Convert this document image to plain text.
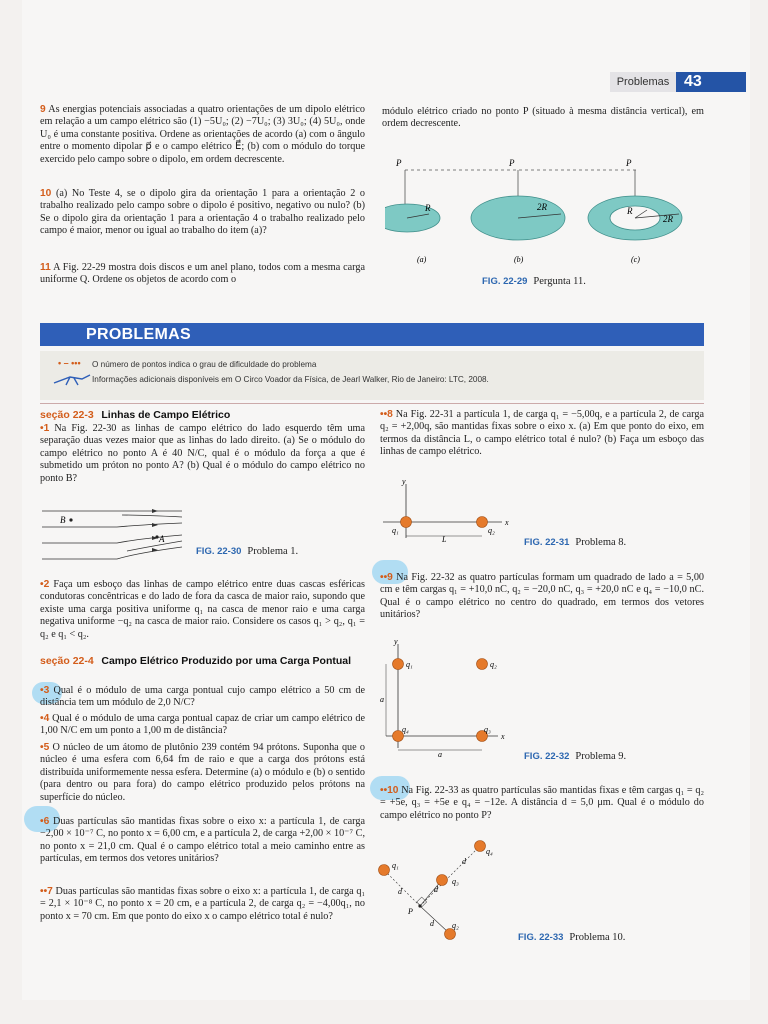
Problemas 43
9 As energias potenciais associadas a quatro orientações de um dipolo elétrico em relação a um campo elétrico são (1) −5U₀; (2) −7U₀; (3) 3U₀; (4) 5U₀, onde U₀ é uma constante positiva. Ordene as orientações de acordo (a) com o ângulo entre o momento dipolar p⃗ e o campo elétrico E⃗; (b) com o módulo do torque exercido pelo campo sobre o dipolo, em ordem decrescente.
10 (a) No Teste 4, se o dipolo gira da orientação 1 para a orientação 2 o trabalho realizado pelo campo sobre o dipolo é positivo, negativo ou nulo? (b) Se o dipolo gira da orientação 1 para a orientação 4 o trabalho realizado pelo campo é maior, menor ou igual ao trabalho do item (a)?
11 A Fig. 22-29 mostra dois discos e um anel plano, todos com a mesma carga uniforme Q. Ordene os objetos de acordo com o
módulo elétrico criado no ponto P (situado à mesma distância vertical), em ordem decrescente.
P	P	P
R	2R	R
2R
(a)	(b)	(c)
FIG. 22-29 Pergunta 11.
PROBLEMAS
• – ••• O número de pontos indica o grau de dificuldade do problema
Informações adicionais disponíveis em O Circo Voador da Física, de Jearl Walker, Rio de Janeiro: LTC, 2008.
seção 22-3 Linhas de Campo Elétrico
•1 Na Fig. 22-30 as linhas de campo elétrico do lado esquerdo têm uma separação duas vezes maior que as linhas do lado direito. (a) Se o módulo do campo elétrico no ponto A é 40 N/C, qual é o módulo da força a que é submetido um próton no ponto A? (b) Qual é o módulo do campo elétrico no ponto B?
B
A
FIG. 22-30 Problema 1.
•2 Faça um esboço das linhas de campo elétrico entre duas cascas esféricas condutoras concêntricas e do lado de fora da casca de maior raio, supondo que existe uma carga positiva uniforme q₁ na casca de menor raio e uma carga negativa uniforme −q₂ na casca de maior raio. Considere os casos q₁ > q₂, q₁ = q₂ e q₁ < q₂.
seção 22-4 Campo Elétrico Produzido por uma Carga Pontual
•3 Qual é o módulo de uma carga pontual cujo campo elétrico a 50 cm de distância tem um módulo de 2,0 N/C?
•4 Qual é o módulo de uma carga pontual capaz de criar um campo elétrico de 1,00 N/C em um ponto a 1,00 m de distância?
•5 O núcleo de um átomo de plutônio 239 contém 94 prótons. Suponha que o núcleo é uma esfera com 6,64 fm de raio e que a carga dos prótons está distribuída uniformemente nessa esfera. Determine (a) o módulo e (b) o sentido (para dentro ou para fora) do campo elétrico produzido pelos prótons na superfície do núcleo.
•6 Duas partículas são mantidas fixas sobre o eixo x: a partícula 1, de carga −2,00 × 10⁻⁷ C, no ponto x = 6,00 cm, e a partícula 2, de carga +2,00 × 10⁻⁷ C, no ponto x = 21,0 cm. Qual é o campo elétrico total a meio caminho entre as partículas, em termos dos vetores unitários?
••7 Duas partículas são mantidas fixas sobre o eixo x: a partícula 1, de carga q₁ = 2,1 × 10⁻⁸ C, no ponto x = 20 cm, e a partícula 2, de carga q₂ = −4,00q₁, no ponto x = 70 cm. Em que ponto do eixo x o campo elétrico total é nulo?
••8 Na Fig. 22-31 a partícula 1, de carga q₁ = −5,00q, e a partícula 2, de carga q₂ = +2,00q, são mantidas fixas sobre o eixo x. (a) Em que ponto do eixo, em termos da distância L, o campo elétrico total é nulo? (b) Faça um esboço das linhas de campo elétrico.
y
x
q₁	q₂
L	FIG. 22-31 Problema 8.
••9 Na Fig. 22-32 as quatro partículas formam um quadrado de lado a = 5,00 cm e têm cargas q₁ = +10,0 nC, q₂ = −20,0 nC, q₃ = +20,0 nC e q₄ = −10,0 nC. Qual é o campo elétrico no centro do quadrado, em termos dos vetores unitários?
y
x
q₁	q₂
q₃
q₄
a
a	FIG. 22-32 Problema 9.
••10 Na Fig. 22-33 as quatro partículas são mantidas fixas e têm cargas q₁ = q₂ = +5e, q₃ = +5e e q₄ = −12e. A distância d = 5,0 μm. Qual é o módulo do campo elétrico no ponto P?
q₁
q₂
q₃
q₄
P
d
d
d
d
FIG. 22-33 Problema 10.
